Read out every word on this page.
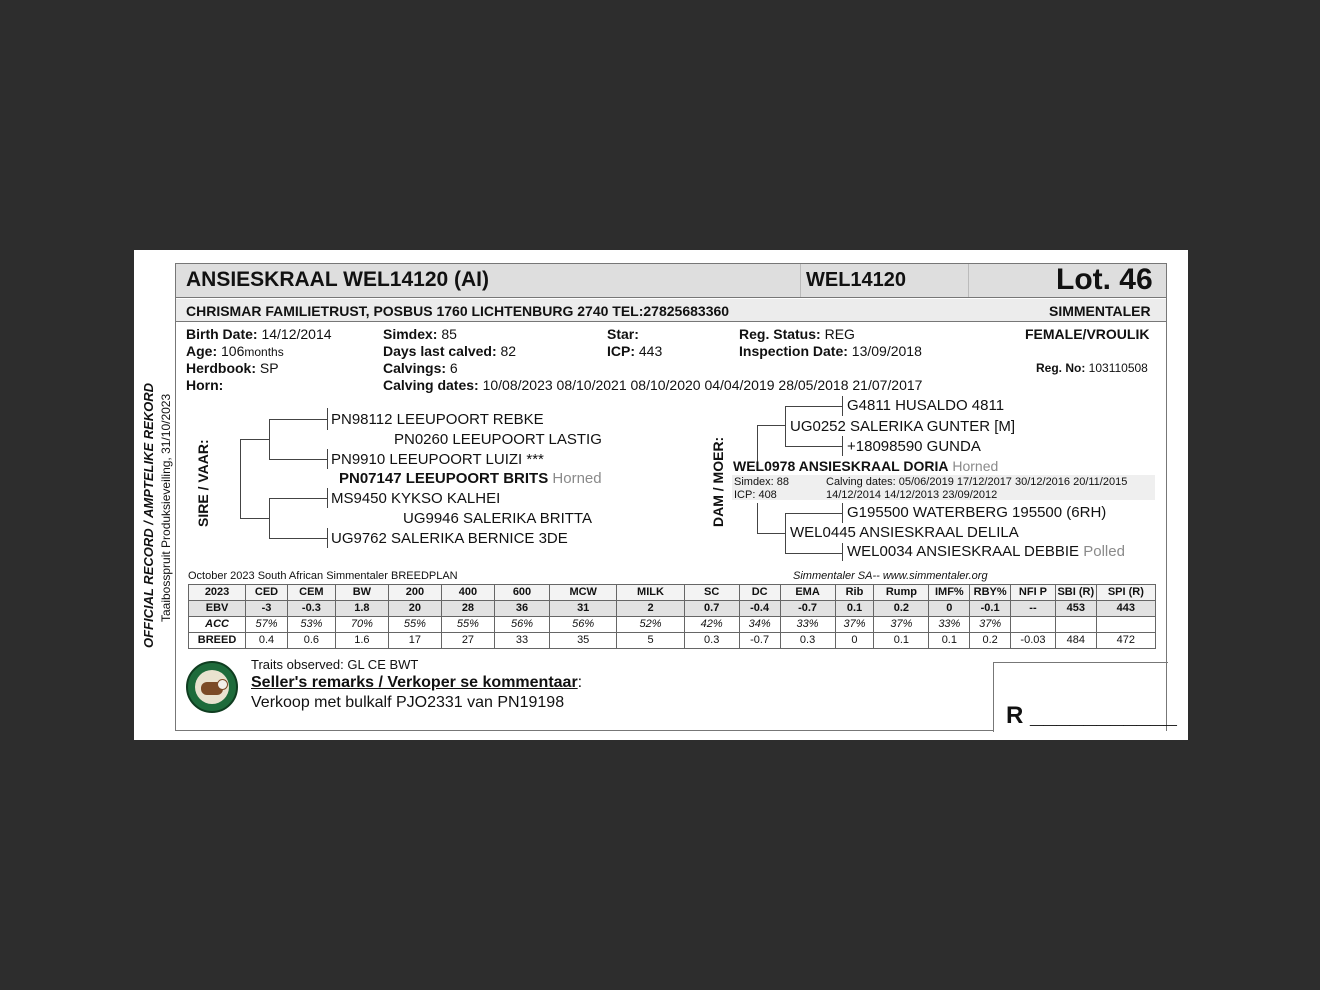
ANSIESKRAAL WEL14120 (AI)	WEL14120	Lot. 46
CHRISMAR FAMILIETRUST, POSBUS 1760 LICHTENBURG 2740 TEL:27825683360	SIMMENTALER
Birth Date: 14/12/2014
Age: 106months
Herdbook: SP
Horn:
Simdex: 85
Days last calved: 82
Calvings: 6
Calving dates: 10/08/2023 08/10/2021 08/10/2020 04/04/2019 28/05/2018 21/07/2017
Star:
ICP: 443
Reg. Status: REG
Inspection Date: 13/09/2018
FEMALE/VROULIK
Reg. No: 103110508
OFFICIAL RECORD / AMPTELIKE REKORD Taaibosspruit Produksieveiling, 31/10/2023 SIRE / VAAR:	DAM / MOER:
PN98112 LEEUPOORT REBKE
PN0260 LEEUPOORT LASTIG
PN9910 LEEUPOORT LUIZI ***
PN07147 LEEUPOORT BRITS Horned
MS9450 KYKSO KALHEI
UG9946 SALERIKA BRITTA
UG9762 SALERIKA BERNICE 3DE
G4811 HUSALDO 4811
UG0252 SALERIKA GUNTER [M]
+18098590 GUNDA
WEL0978 ANSIESKRAAL DORIA Horned
Simdex: 88
ICP: 408
Calving dates: 05/06/2019 17/12/2017 30/12/2016 20/11/2015
14/12/2014 14/12/2013 23/09/2012
G195500 WATERBERG 195500 (6RH)
WEL0445 ANSIESKRAAL DELILA
WEL0034 ANSIESKRAAL DEBBIE Polled
October 2023 South African Simmentaler BREEDPLAN	Simmentaler SA-- www.simmentaler.org
2023	CED	CEM	BW	200	400	600	MCW	MILK	SC	DC	EMA	Rib	Rump	IMF%	RBY%	NFI P	SBI (R)	SPI (R)
EBV	-3	-0.3	1.8	20	28	36	31	2	0.7	-0.4	-0.7	0.1	0.2	0	-0.1	--	453	443
ACC	57%	53%	70%	55%	55%	56%	56%	52%	42%	34%	33%	37%	37%	33%	37%			
BREED	0.4	0.6	1.6	17	27	33	35	5	0.3	-0.7	0.3	0	0.1	0.1	0.2	-0.03	484	472
Traits observed: GL CE BWT
Seller's remarks / Verkoper se kommentaar:
Verkoop met bulkalf PJO2331 van PN19198	R ___________
